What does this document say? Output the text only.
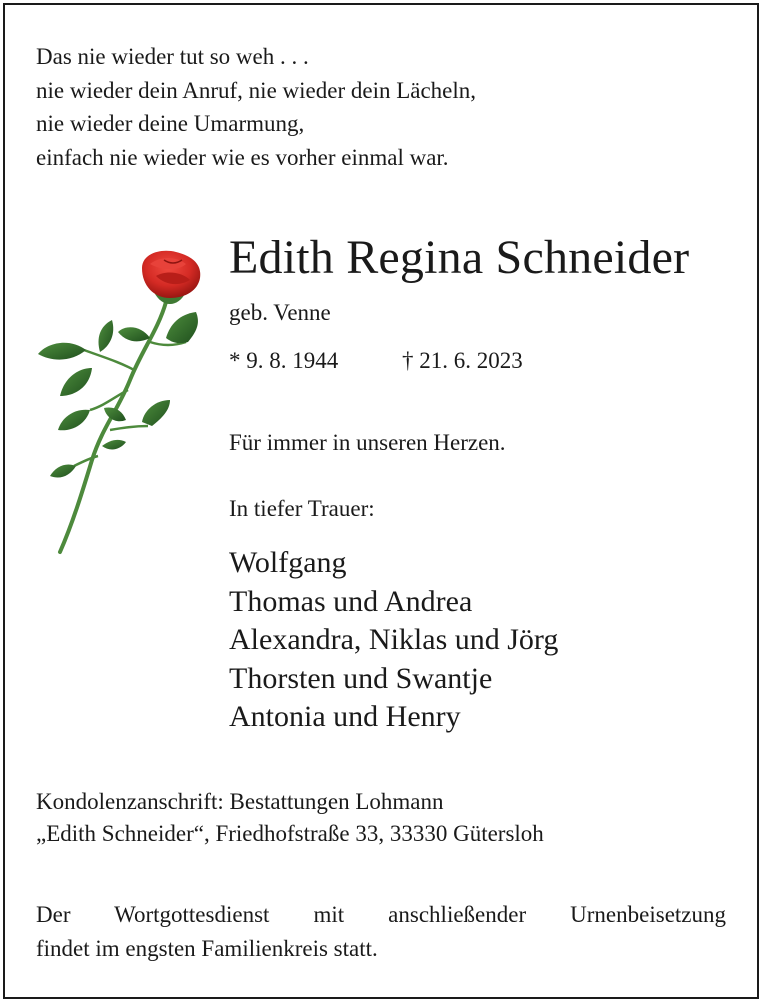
Das nie wieder tut so weh . . .
nie wieder dein Anruf, nie wieder dein Lächeln,
nie wieder deine Umarmung,
einfach nie wieder wie es vorher einmal war.
Edith Regina Schneider
geb. Venne
* 9. 8. 1944	† 21. 6. 2023
Für immer in unseren Herzen.
In tiefer Trauer:
Wolfgang
Thomas und Andrea
Alexandra, Niklas und Jörg
Thorsten und Swantje
Antonia und Henry
Kondolenzanschrift: Bestattungen Lohmann
„Edith Schneider“, Friedhofstraße 33, 33330 Gütersloh
Der Wortgottesdienst mit anschließender Urnenbeisetzung
findet im engsten Familienkreis statt.
